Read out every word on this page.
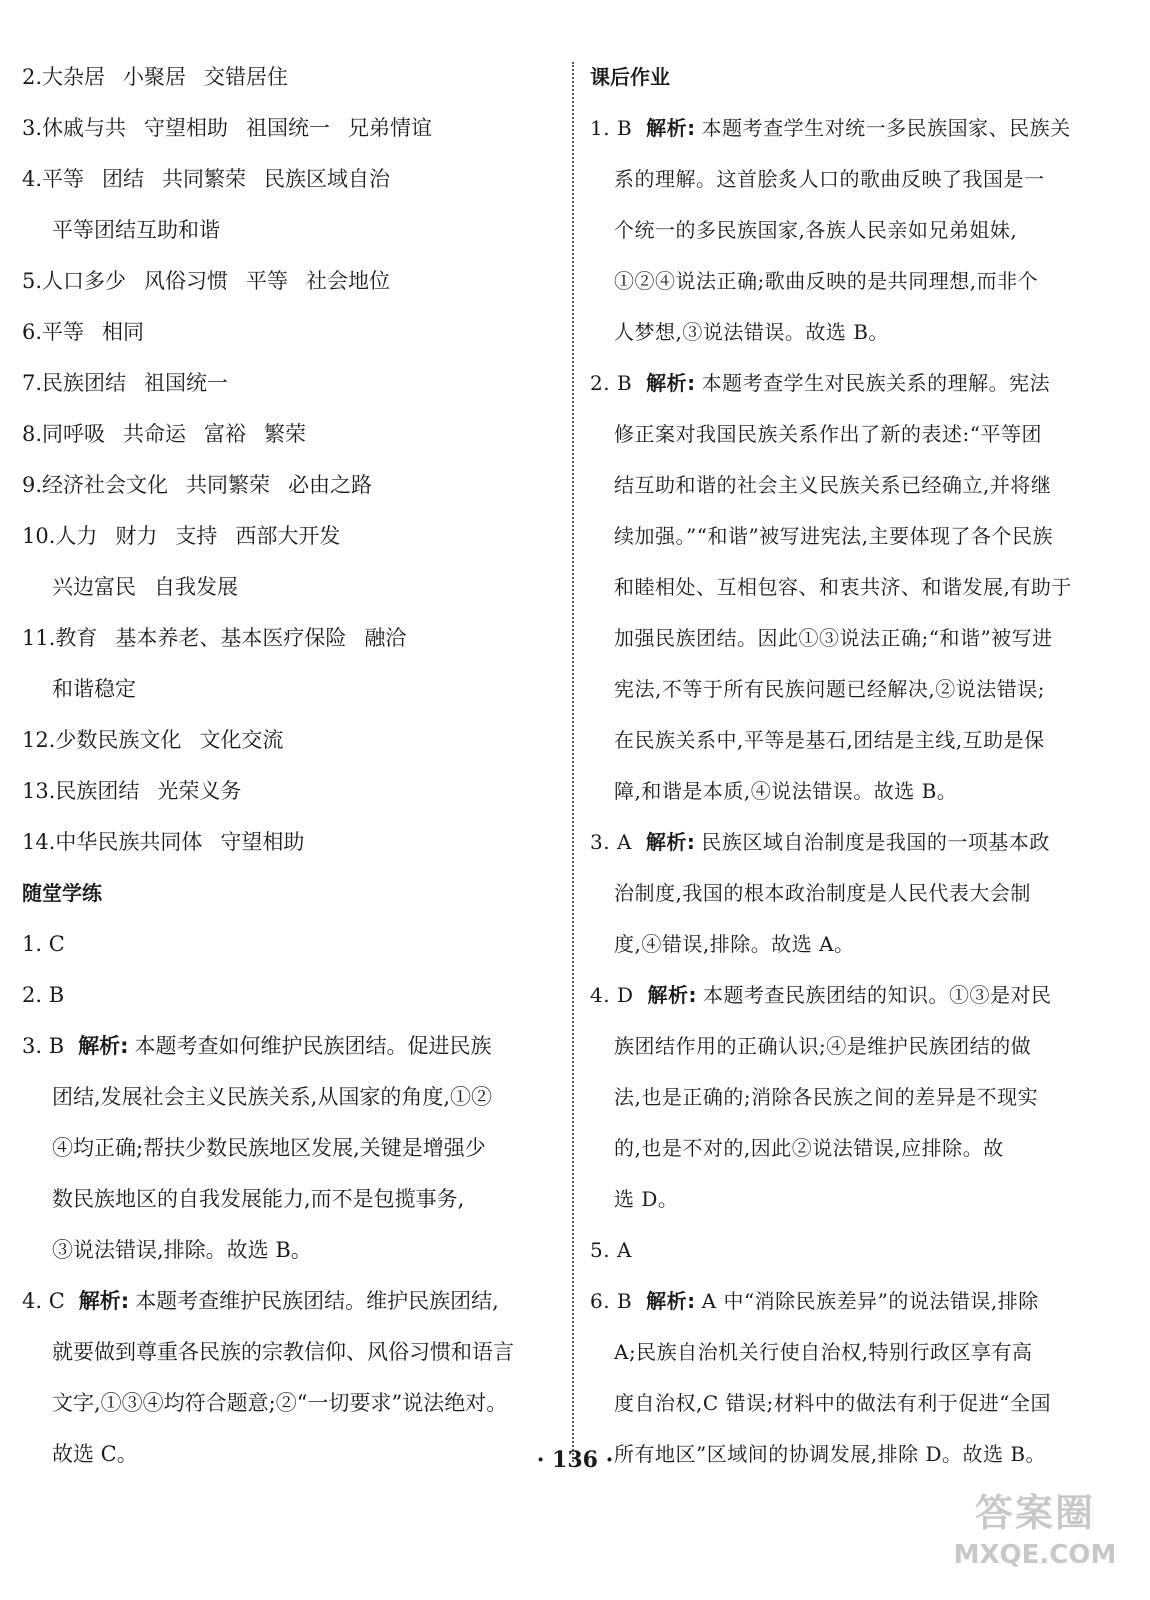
2.大杂居 小聚居 交错居住
3.休戚与共 守望相助 祖国统一 兄弟情谊
4.平等 团结 共同繁荣 民族区域自治
平等团结互助和谐
5.人口多少 风俗习惯 平等 社会地位
6.平等 相同
7.民族团结 祖国统一
8.同呼吸 共命运 富裕 繁荣
9.经济社会文化 共同繁荣 必由之路
10.人力 财力 支持 西部大开发
兴边富民 自我发展
11.教育 基本养老、基本医疗保险 融洽
和谐稳定
12.少数民族文化 文化交流
13.民族团结 光荣义务
14.中华民族共同体 守望相助
随堂学练
1. C
2. B
3. B 解析: 本题考查如何维护民族团结。促进民族
团结,发展社会主义民族关系,从国家的角度,①②
④均正确;帮扶少数民族地区发展,关键是增强少
数民族地区的自我发展能力,而不是包揽事务,
③说法错误,排除。故选 B。
4. C 解析: 本题考查维护民族团结。维护民族团结,
就要做到尊重各民族的宗教信仰、风俗习惯和语言
文字,①③④均符合题意;②“一切要求”说法绝对。
故选 C。
课后作业
1. B 解析: 本题考查学生对统一多民族国家、民族关
系的理解。这首脍炙人口的歌曲反映了我国是一
个统一的多民族国家,各族人民亲如兄弟姐妹,
①②④说法正确;歌曲反映的是共同理想,而非个
人梦想,③说法错误。故选 B。
2. B 解析: 本题考查学生对民族关系的理解。宪法
修正案对我国民族关系作出了新的表述:“平等团
结互助和谐的社会主义民族关系已经确立,并将继
续加强。”“和谐”被写进宪法,主要体现了各个民族
和睦相处、互相包容、和衷共济、和谐发展,有助于
加强民族团结。因此①③说法正确;“和谐”被写进
宪法,不等于所有民族问题已经解决,②说法错误;
在民族关系中,平等是基石,团结是主线,互助是保
障,和谐是本质,④说法错误。故选 B。
3. A 解析: 民族区域自治制度是我国的一项基本政
治制度,我国的根本政治制度是人民代表大会制
度,④错误,排除。故选 A。
4. D 解析: 本题考查民族团结的知识。①③是对民
族团结作用的正确认识;④是维护民族团结的做
法,也是正确的;消除各民族之间的差异是不现实
的,也是不对的,因此②说法错误,应排除。故
选 D。
5. A
6. B 解析: A 中“消除民族差异”的说法错误,排除
A;民族自治机关行使自治权,特别行政区享有高
度自治权,C 错误;材料中的做法有利于促进“全国
所有地区”区域间的协调发展,排除 D。故选 B。
· 136 ·
答案圈
MXQE.COM
